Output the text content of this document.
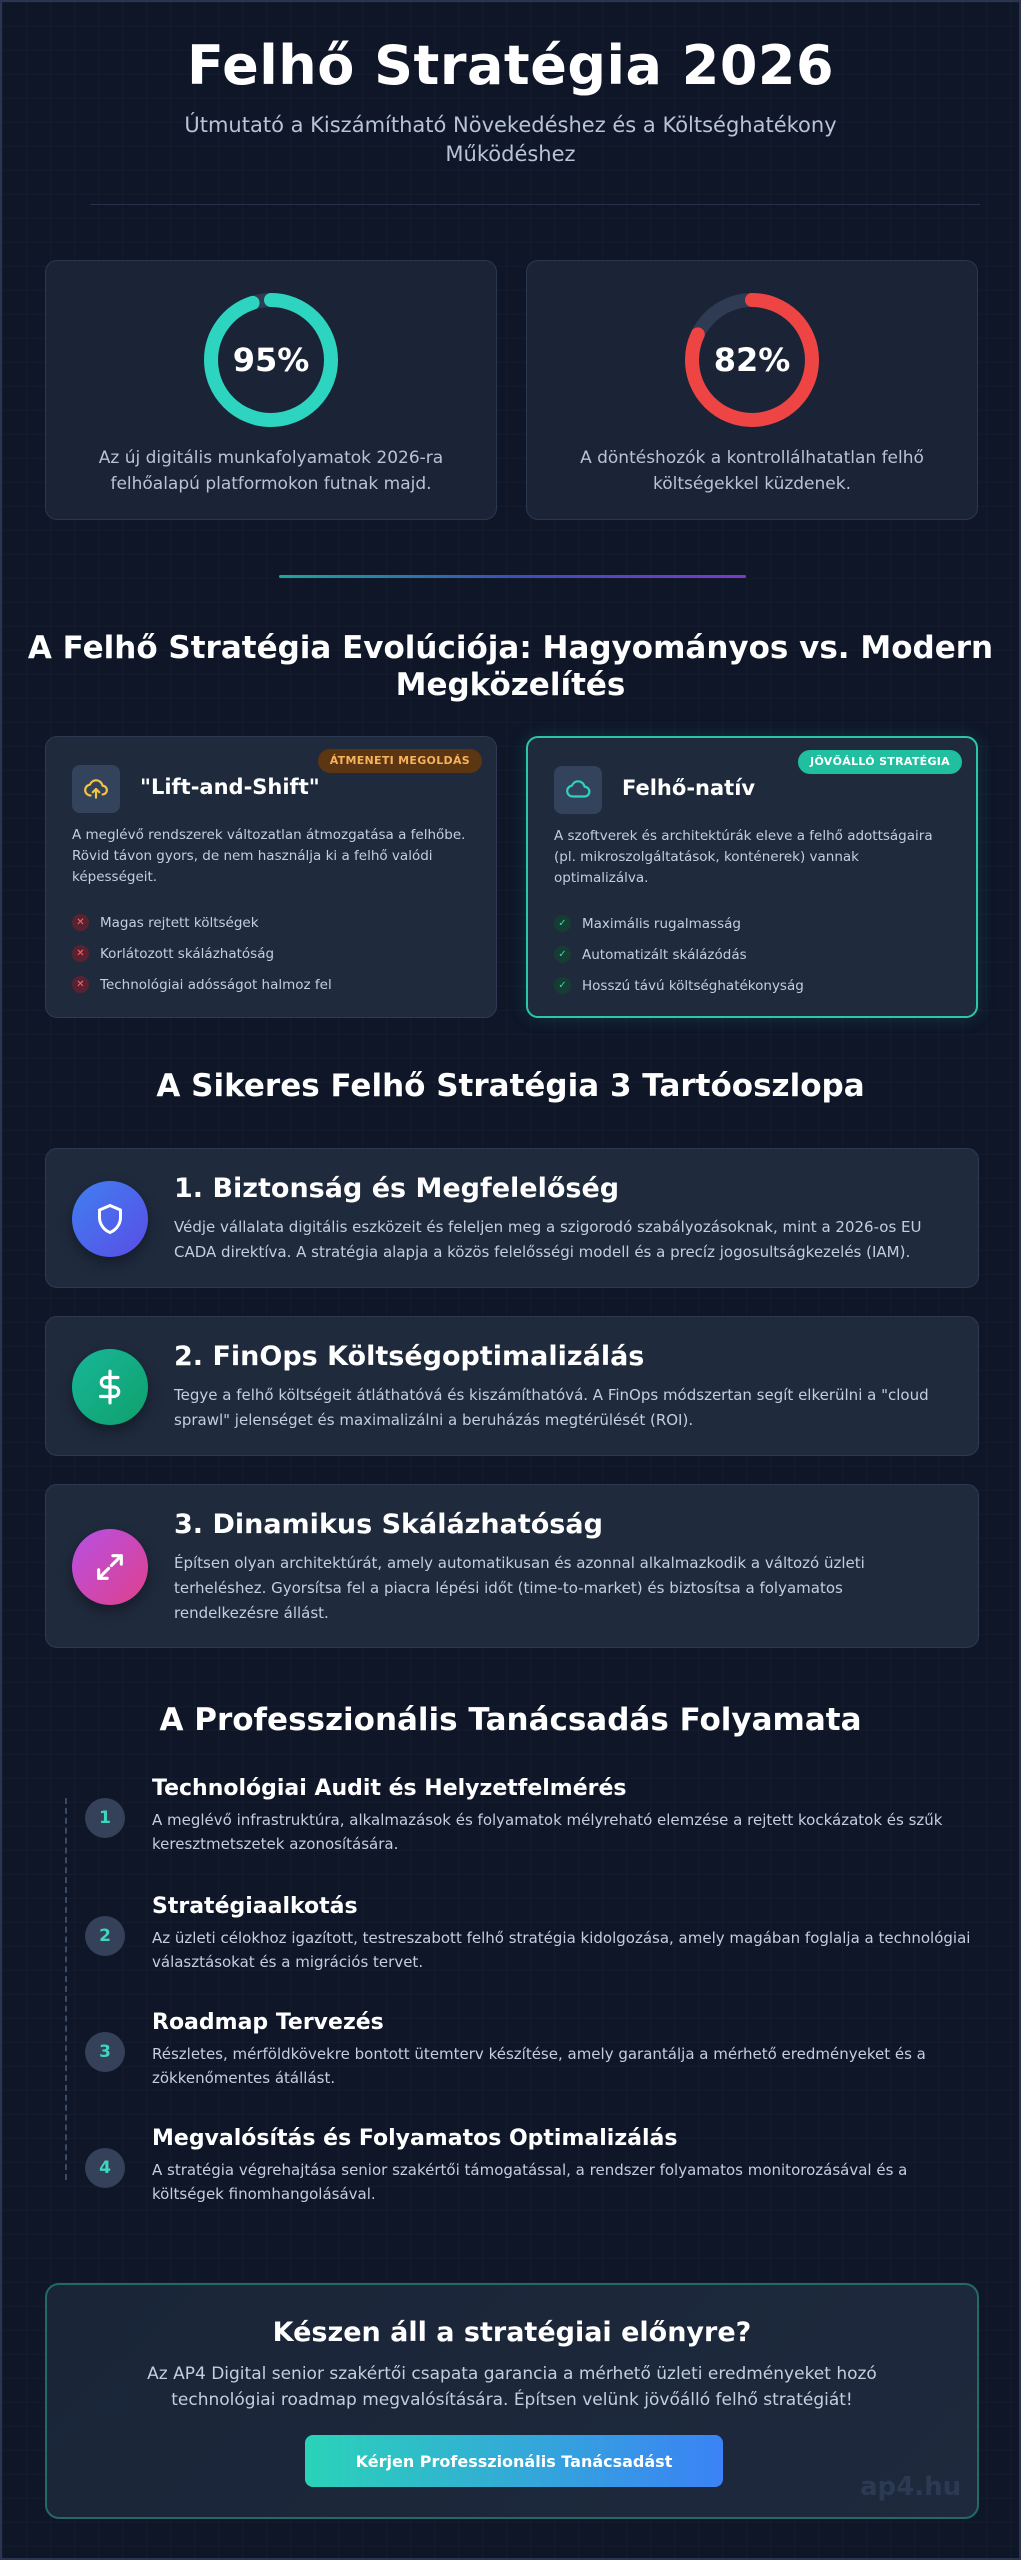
Felhő Stratégia 2026

Útmutató a Kiszámítható Növekedéshez és a Költséghatékony Működéshez

95%

Az új digitális munkafolyamatok 2026-ra felhőalapú platformokon futnak majd.

82%

A döntéshozók a kontrollálhatatlan felhő költségekkel küzdenek.

A Felhő Stratégia Evolúciója: Hagyományos vs. Modern Megközelítés
ÁTMENETI MEGOLDÁS
"Lift-and-Shift"

A meglévő rendszerek változatlan átmozgatása a felhőbe. Rövid távon gyors, de nem használja ki a felhő valódi képességeit.

✕	Magas rejtett költségek
✕	Korlátozott skálázhatóság
✕	Technológiai adósságot halmoz fel
JÖVŐÁLLÓ STRATÉGIA
Felhő-natív

A szoftverek és architektúrák eleve a felhő adottságaira (pl. mikroszolgáltatások, konténerek) vannak optimalizálva.

✓	Maximális rugalmasság
✓	Automatizált skálázódás
✓	Hosszú távú költséghatékonyság
A Sikeres Felhő Stratégia 3 Tartóoszlopa
1. Biztonság és Megfelelőség

Védje vállalata digitális eszközeit és feleljen meg a szigorodó szabályozásoknak, mint a 2026-os EU CADA direktíva. A stratégia alapja a közös felelősségi modell és a precíz jogosultságkezelés (IAM).

2. FinOps Költségoptimalizálás

Tegye a felhő költségeit átláthatóvá és kiszámíthatóvá. A FinOps módszertan segít elkerülni a "cloud sprawl" jelenséget és maximalizálni a beruházás megtérülését (ROI).

3. Dinamikus Skálázhatóság

Építsen olyan architektúrát, amely automatikusan és azonnal alkalmazkodik a változó üzleti terheléshez. Gyorsítsa fel a piacra lépési időt (time-to-market) és biztosítsa a folyamatos rendelkezésre állást.

A Professzionális Tanácsadás Folyamata
1
Technológiai Audit és Helyzetfelmérés

A meglévő infrastruktúra, alkalmazások és folyamatok mélyreható elemzése a rejtett kockázatok és szűk keresztmetszetek azonosítására.

2
Stratégiaalkotás

Az üzleti célokhoz igazított, testreszabott felhő stratégia kidolgozása, amely magában foglalja a technológiai választásokat és a migrációs tervet.

3
Roadmap Tervezés

Részletes, mérföldkövekre bontott ütemterv készítése, amely garantálja a mérhető eredményeket és a zökkenőmentes átállást.

4
Megvalósítás és Folyamatos Optimalizálás

A stratégia végrehajtása senior szakértői támogatással, a rendszer folyamatos monitorozásával és a költségek finomhangolásával.

Készen áll a stratégiai előnyre?

Az AP4 Digital senior szakértői csapata garancia a mérhető üzleti eredményeket hozó technológiai roadmap megvalósítására. Építsen velünk jövőálló felhő stratégiát!

Kérjen Professzionális Tanácsadást
ap4.hu
